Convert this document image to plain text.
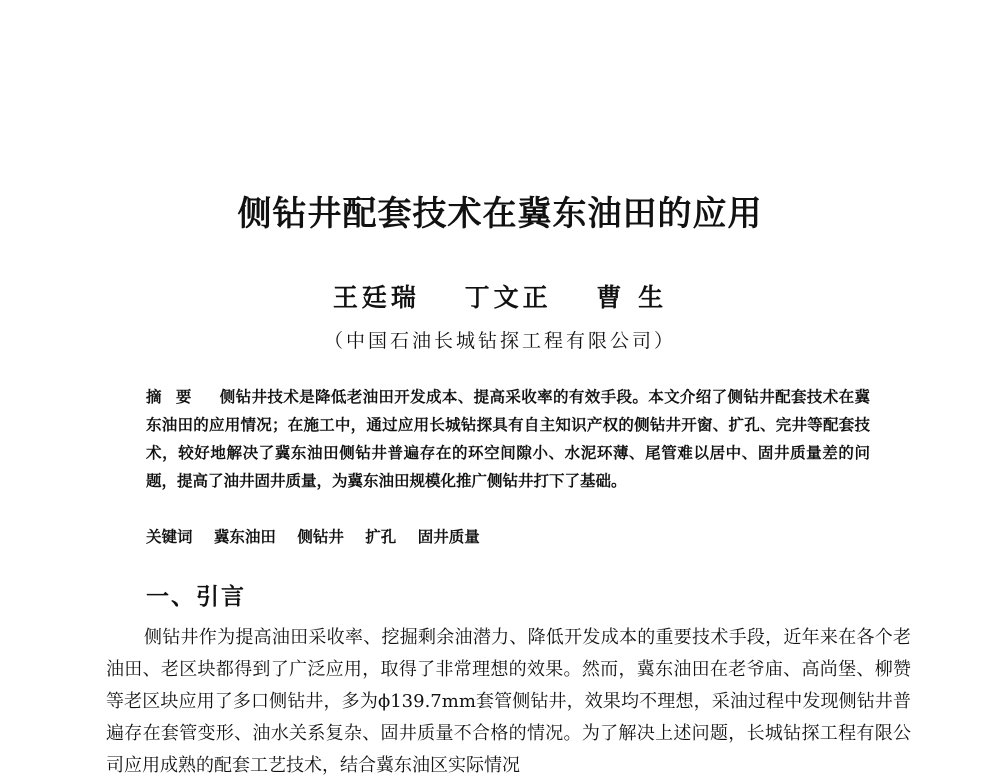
侧钻井配套技术在冀东油田的应用
王廷瑞 丁文正 曹 生
（中国石油长城钻探工程有限公司）
摘要 侧钻井技术是降低老油田开发成本、提高采收率的有效手段。本文介绍了侧钻井配套技术在冀东油田的应用情况；在施工中，通过应用长城钻探具有自主知识产权的侧钻井开窗、扩孔、完井等配套技术，较好地解决了冀东油田侧钻井普遍存在的环空间隙小、水泥环薄、尾管难以居中、固井质量差的问题，提高了油井固井质量，为冀东油田规模化推广侧钻井打下了基础。
关键词 冀东油田 侧钻井 扩孔 固井质量
一、引言
侧钻井作为提高油田采收率、挖掘剩余油潜力、降低开发成本的重要技术手段，近年来在各个老油田、老区块都得到了广泛应用，取得了非常理想的效果。然而，冀东油田在老爷庙、高尚堡、柳赞等老区块应用了多口侧钻井，多为ϕ139.7mm套管侧钻井，效果均不理想，采油过程中发现侧钻井普遍存在套管变形、油水关系复杂、固井质量不合格的情况。为了解决上述问题，长城钻探工程有限公司应用成熟的配套工艺技术，结合冀东油区实际情况
